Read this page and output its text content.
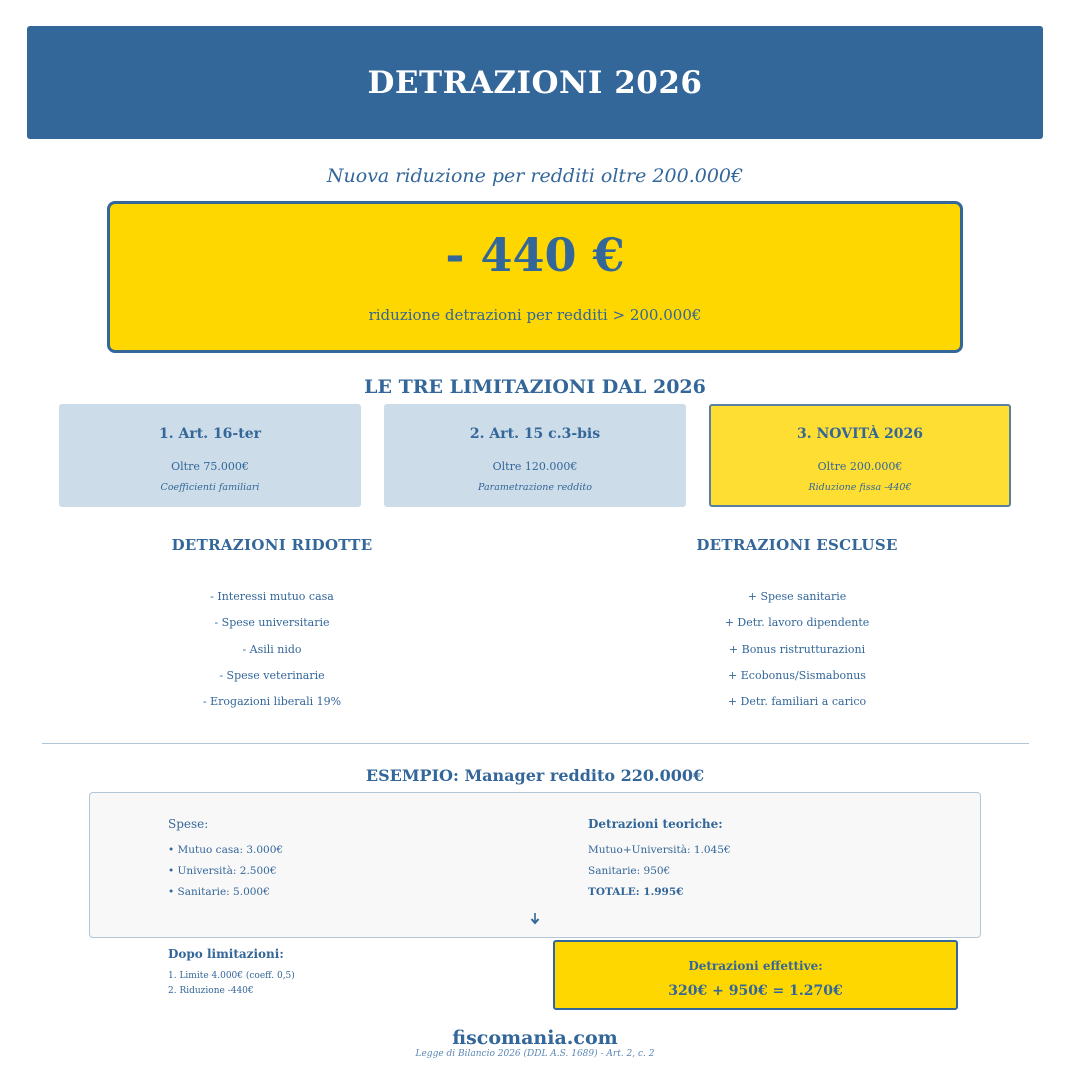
DETRAZIONI 2026
Nuova riduzione per redditi oltre 200.000€
- 440 €
riduzione detrazioni per redditi > 200.000€
LE TRE LIMITAZIONI DAL 2026
1. Art. 16-ter
Oltre 75.000€
Coefficienti familiari
2. Art. 15 c.3-bis
Oltre 120.000€
Parametrazione reddito
3. NOVITÀ 2026
Oltre 200.000€
Riduzione fissa -440€
DETRAZIONI RIDOTTE
- Interessi mutuo casa
- Spese universitarie
- Asili nido
- Spese veterinarie
- Erogazioni liberali 19%
DETRAZIONI ESCLUSE
+ Spese sanitarie
+ Detr. lavoro dipendente
+ Bonus ristrutturazioni
+ Ecobonus/Sismabonus
+ Detr. familiari a carico
ESEMPIO: Manager reddito 220.000€
Spese:
• Mutuo casa: 3.000€
• Università: 2.500€
• Sanitarie: 5.000€
Detrazioni teoriche:
Mutuo+Università: 1.045€
Sanitarie: 950€
TOTALE: 1.995€
Dopo limitazioni:
1. Limite 4.000€ (coeff. 0,5)
2. Riduzione -440€
Detrazioni effettive:
320€ + 950€ = 1.270€
fiscomania.com
Legge di Bilancio 2026 (DDL A.S. 1689) - Art. 2, c. 2
